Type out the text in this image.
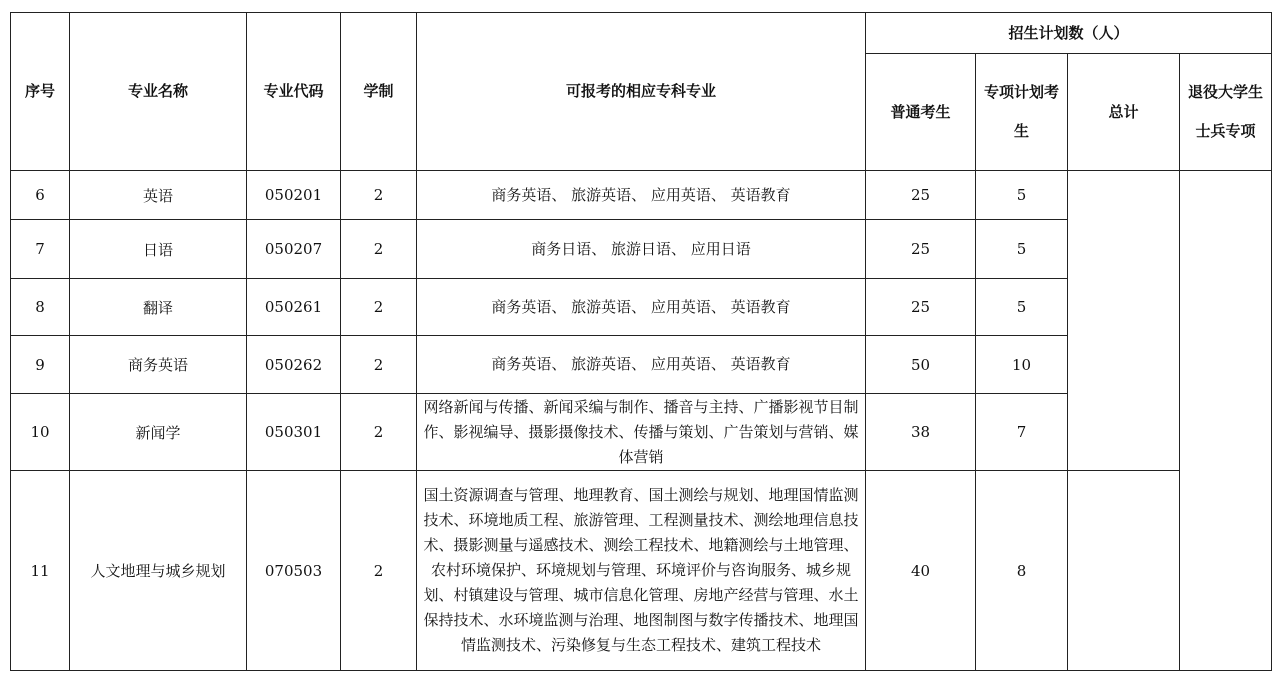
序号	专业名称	专业代码	学制	可报考的相应专科专业	招生计划数（人）			
					普通考生	专项计划考生	总计	退役大学生士兵专项
6	英语	050201	2	商务英语、 旅游英语、 应用英语、 英语教育	25	5		
7	日语	050207	2	商务日语、 旅游日语、 应用日语	25	5		
8	翻译	050261	2	商务英语、 旅游英语、 应用英语、 英语教育	25	5		
9	商务英语	050262	2	商务英语、 旅游英语、 应用英语、 英语教育	50	10		
10	新闻学	050301	2	网络新闻与传播、新闻采编与制作、播音与主持、广播影视节目制作、影视编导、摄影摄像技术、传播与策划、广告策划与营销、媒体营销	38	7		
11	人文地理与城乡规划	070503	2	国土资源调查与管理、地理教育、国土测绘与规划、地理国情监测技术、环境地质工程、旅游管理、工程测量技术、测绘地理信息技术、摄影测量与遥感技术、测绘工程技术、地籍测绘与土地管理、农村环境保护、环境规划与管理、环境评价与咨询服务、城乡规划、村镇建设与管理、城市信息化管理、房地产经营与管理、水土保持技术、水环境监测与治理、地图制图与数字传播技术、地理国情监测技术、污染修复与生态工程技术、建筑工程技术	40	8		
